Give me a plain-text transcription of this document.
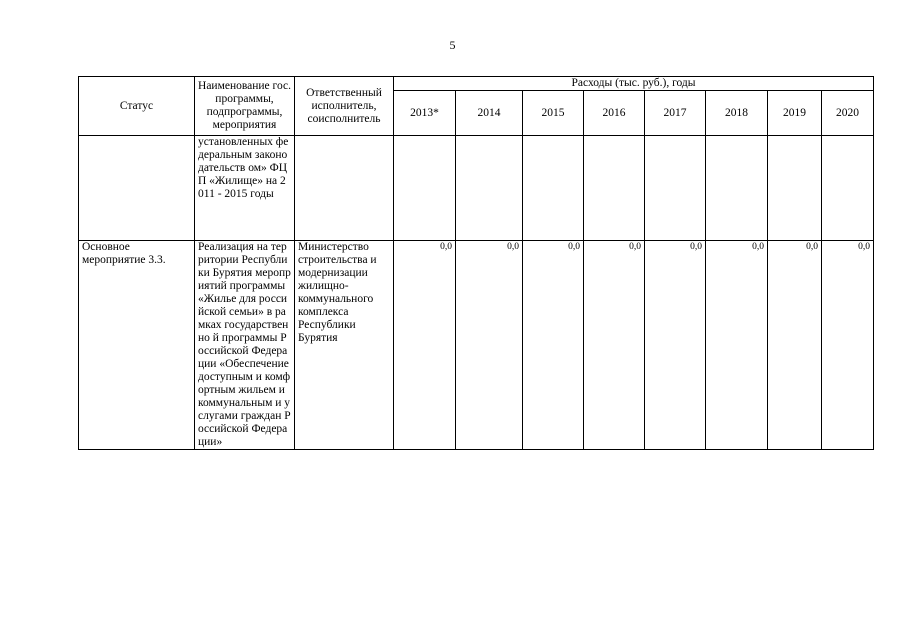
5
Статус	Наименование гос. программы, подпрограммы, мероприятия	Ответственный исполнитель, соисполнитель	Расходы (тыс. руб.), годы							
			2013*	2014	2015	2016	2017	2018	2019	2020

	установленных федеральным законодательств ом» ФЦП «Жилище» на 2011 - 2015 годы									

Основное мероприятие 3.3.	Реализация на территории Республики Бурятия мероприятий программы «Жилье для российской семьи» в рамках государственно й программы Российской Федерации «Обеспечение доступным и комфортным жильем и коммунальным и услугами граждан Российской Федерации»	Министерство строительства и модернизации жилищно-коммунального комплекса Республики Бурятия	0,0	0,0	0,0	0,0	0,0	0,0	0,0	0,0
